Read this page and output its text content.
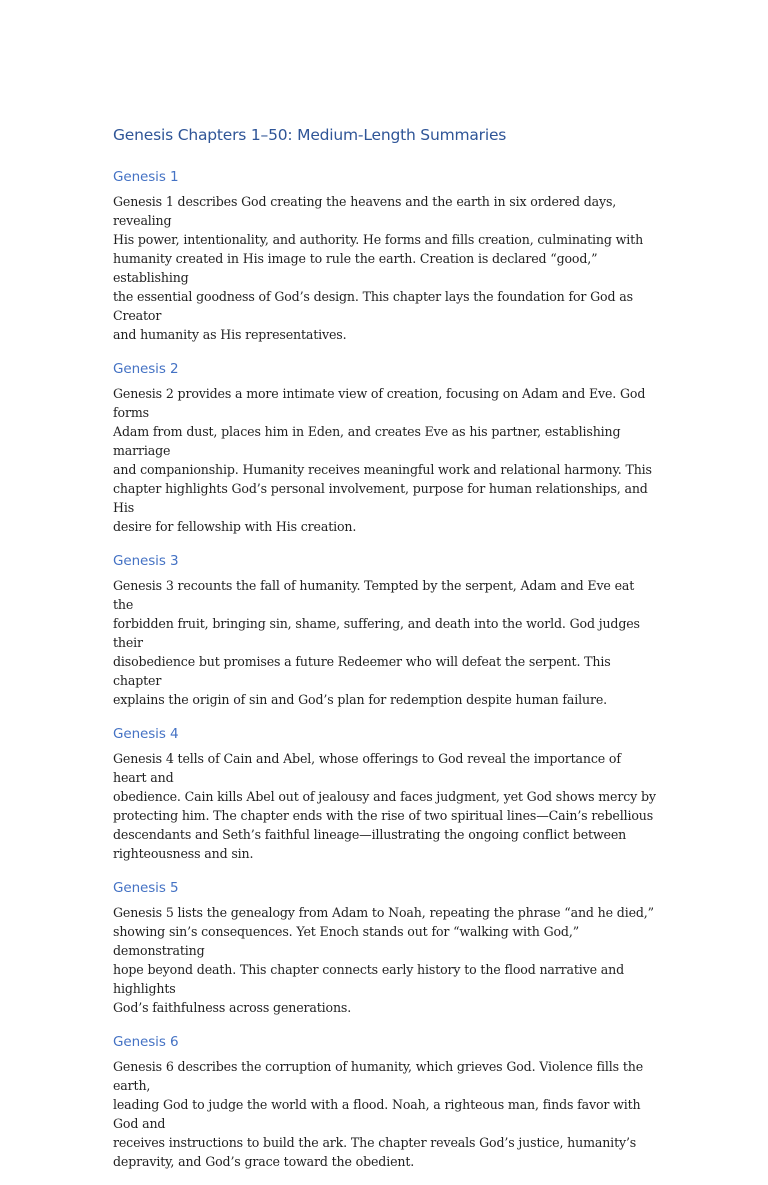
Genesis Chapters 1–50: Medium-Length Summaries
Genesis 1

Genesis 1 describes God creating the heavens and the earth in six ordered days, revealing
His power, intentionality, and authority. He forms and fills creation, culminating with
humanity created in His image to rule the earth. Creation is declared “good,” establishing
the essential goodness of God’s design. This chapter lays the foundation for God as Creator
and humanity as His representatives.

Genesis 2

Genesis 2 provides a more intimate view of creation, focusing on Adam and Eve. God forms
Adam from dust, places him in Eden, and creates Eve as his partner, establishing marriage
and companionship. Humanity receives meaningful work and relational harmony. This
chapter highlights God’s personal involvement, purpose for human relationships, and His
desire for fellowship with His creation.

Genesis 3

Genesis 3 recounts the fall of humanity. Tempted by the serpent, Adam and Eve eat the
forbidden fruit, bringing sin, shame, suffering, and death into the world. God judges their
disobedience but promises a future Redeemer who will defeat the serpent. This chapter
explains the origin of sin and God’s plan for redemption despite human failure.

Genesis 4

Genesis 4 tells of Cain and Abel, whose offerings to God reveal the importance of heart and
obedience. Cain kills Abel out of jealousy and faces judgment, yet God shows mercy by
protecting him. The chapter ends with the rise of two spiritual lines—Cain’s rebellious
descendants and Seth’s faithful lineage—illustrating the ongoing conflict between
righteousness and sin.

Genesis 5

Genesis 5 lists the genealogy from Adam to Noah, repeating the phrase “and he died,”
showing sin’s consequences. Yet Enoch stands out for “walking with God,” demonstrating
hope beyond death. This chapter connects early history to the flood narrative and highlights
God’s faithfulness across generations.

Genesis 6

Genesis 6 describes the corruption of humanity, which grieves God. Violence fills the earth,
leading God to judge the world with a flood. Noah, a righteous man, finds favor with God and
receives instructions to build the ark. The chapter reveals God’s justice, humanity’s
depravity, and God’s grace toward the obedient.
